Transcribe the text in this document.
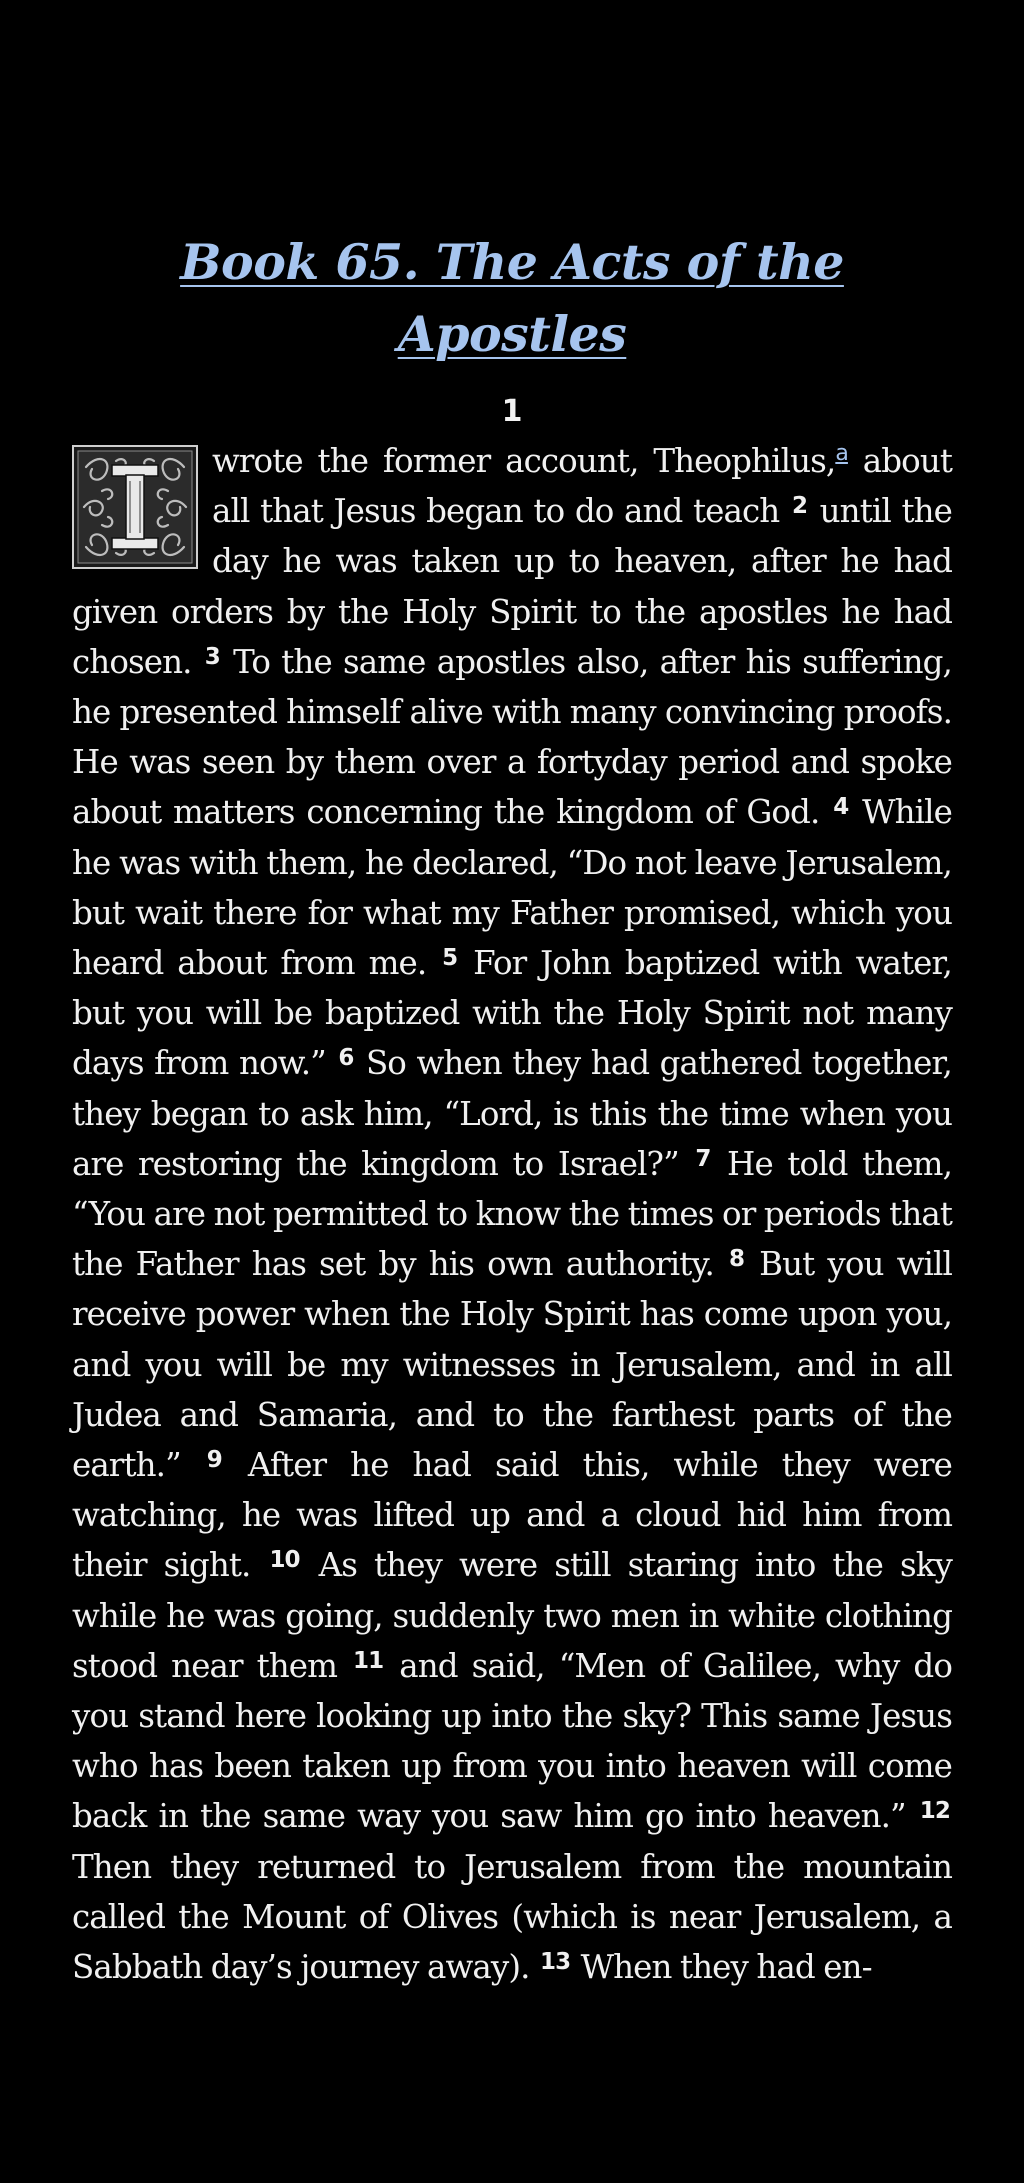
Book 65. The Acts of the Apostles
1

wrote the former account, Theophilus,$^a$ about all that Jesus began to do and teach $^2$ until the day he was taken up to heaven, after he had given orders by the Holy Spirit to the apostles he had chosen. $^3$ To the same apostles also, after his suffering, he presented himself alive with many convincing proofs. He was seen by them over a fortyday period and spoke about matters concerning the kingdom of God. $^4$ While he was with them, he declared, “Do not leave Jerusalem, but wait there for what my Father promised, which you heard about from me. $^5$ For John baptized with water, but you will be baptized with the Holy Spirit not many days from now.” $^6$ So when they had gathered together, they began to ask him, “Lord, is this the time when you are restoring the kingdom to Israel?” $^7$ He told them, “You are not permitted to know the times or periods that the Father has set by his own authority. $^8$ But you will receive power when the Holy Spirit has come upon you, and you will be my witnesses in Jerusalem, and in all Judea and Samaria, and to the farthest parts of the earth.” $^9$ After he had said this, while they were watching, he was lifted up and a cloud hid him from their sight. $^{10}$ As they were still staring into the sky while he was going, suddenly two men in white clothing stood near them $^{11}$ and said, “Men of Galilee, why do you stand here looking up into the sky? This same Jesus who has been taken up from you into heaven will come back in the same way you saw him go into heaven.” $^{12}$ Then they returned to Jerusalem from the mountain called the Mount of Olives (which is near Jerusalem, a Sabbath day’s journey away). $^{13}$ When they had en-
